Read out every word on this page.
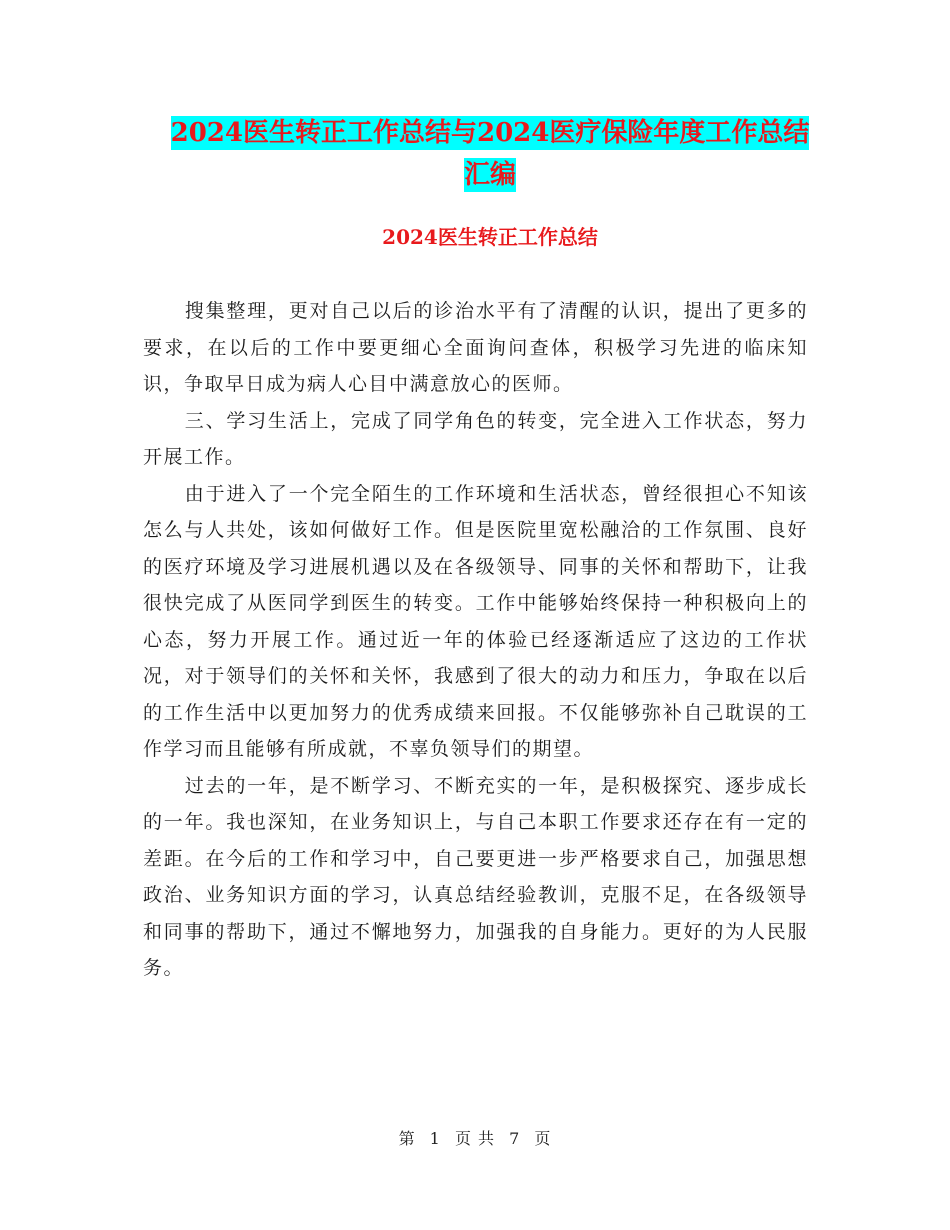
2024医生转正工作总结与2024医疗保险年度工作总结
汇编
2024医生转正工作总结

搜集整理，更对自己以后的诊治水平有了清醒的认识，提出了更多的要求，在以后的工作中要更细心全面询问查体，积极学习先进的临床知识，争取早日成为病人心目中满意放心的医师。

三、学习生活上，完成了同学角色的转变，完全进入工作状态，努力开展工作。

由于进入了一个完全陌生的工作环境和生活状态，曾经很担心不知该怎么与人共处，该如何做好工作。但是医院里宽松融洽的工作氛围、良好的医疗环境及学习进展机遇以及在各级领导、同事的关怀和帮助下，让我很快完成了从医同学到医生的转变。工作中能够始终保持一种积极向上的心态，努力开展工作。通过近一年的体验已经逐渐适应了这边的工作状况，对于领导们的关怀和关怀，我感到了很大的动力和压力，争取在以后的工作生活中以更加努力的优秀成绩来回报。不仅能够弥补自己耽误的工作学习而且能够有所成就，不辜负领导们的期望。

过去的一年，是不断学习、不断充实的一年，是积极探究、逐步成长的一年。我也深知，在业务知识上，与自己本职工作要求还存在有一定的差距。在今后的工作和学习中，自己要更进一步严格要求自己，加强思想政治、业务知识方面的学习，认真总结经验教训，克服不足，在各级领导和同事的帮助下，通过不懈地努力，加强我的自身能力。更好的为人民服务。

第 1 页 共 7 页
